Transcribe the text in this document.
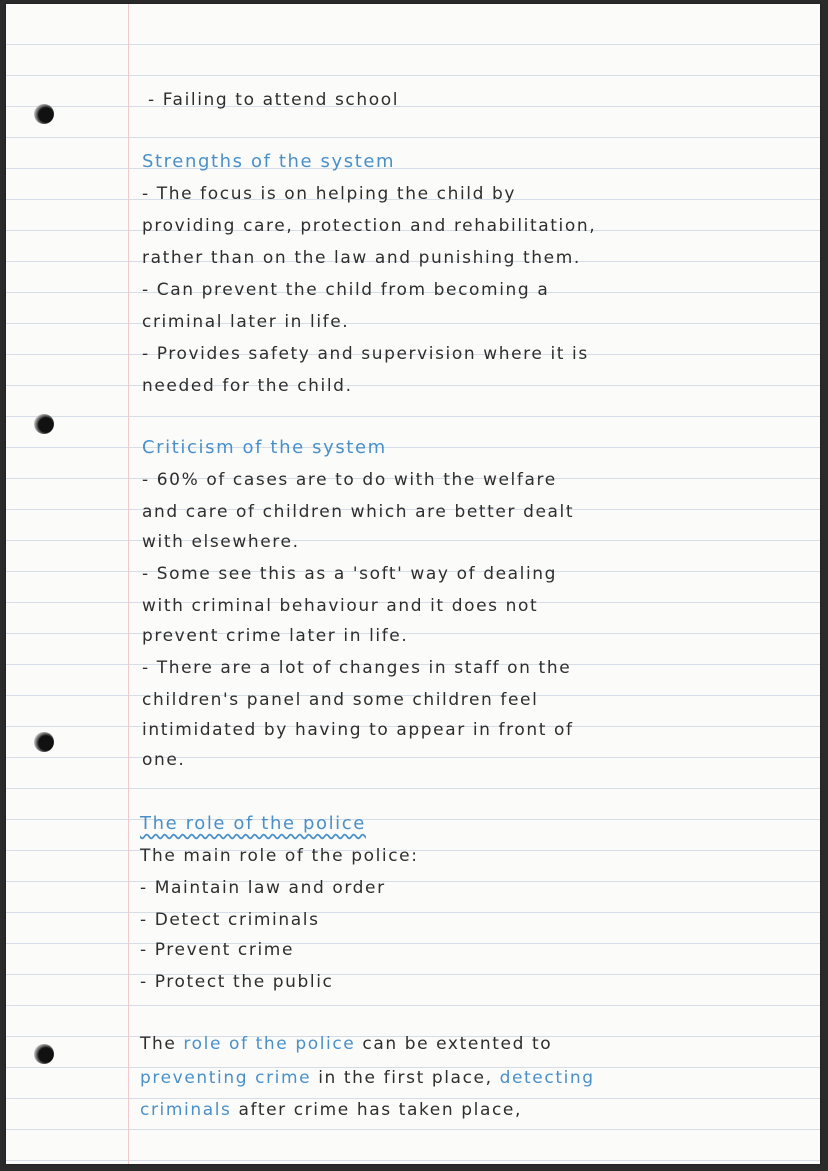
- Failing to attend school

Strengths of the system

- The focus is on helping the child by

providing care, protection and rehabilitation,

rather than on the law and punishing them.

- Can prevent the child from becoming a

criminal later in life.

- Provides safety and supervision where it is

needed for the child.

Criticism of the system

- 60% of cases are to do with the welfare

and care of children which are better dealt

with elsewhere.

- Some see this as a 'soft' way of dealing

with criminal behaviour and it does not

prevent crime later in life.

- There are a lot of changes in staff on the

children's panel and some children feel

intimidated by having to appear in front of

one.

The role of the police

The main role of the police:

- Maintain law and order

- Detect criminals

- Prevent crime

- Protect the public

The role of the police can be extented to

preventing crime in the first place, detecting

criminals after crime has taken place,
